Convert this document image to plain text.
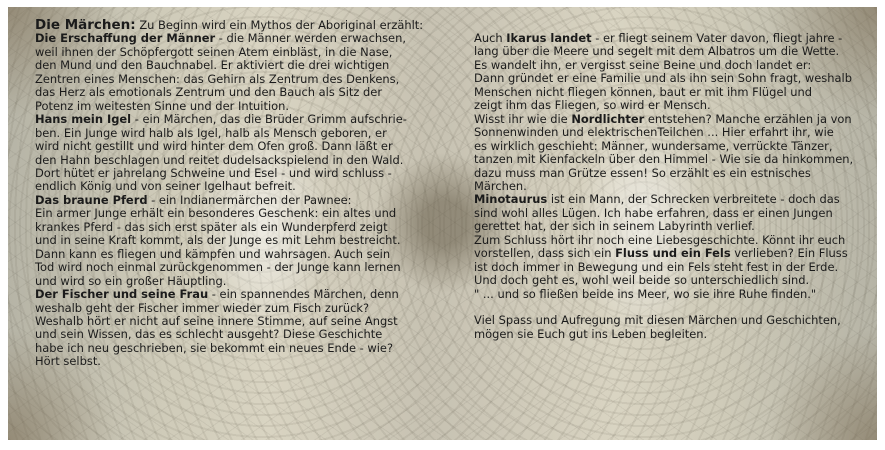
Die Märchen: Zu Beginn wird ein Mythos der Aboriginal erzählt:

Die Erschaffung der Männer - die Männer werden erwachsen,

weil ihnen der Schöpfergott seinen Atem einbläst, in die Nase,

den Mund und den Bauchnabel. Er aktiviert die drei wichtigen

Zentren eines Menschen: das Gehirn als Zentrum des Denkens,

das Herz als emotionals Zentrum und den Bauch als Sitz der

Potenz im weitesten Sinne und der Intuition.

Hans mein Igel - ein Märchen, das die Brüder Grimm aufschrie-

ben. Ein Junge wird halb als Igel, halb als Mensch geboren, er

wird nicht gestillt und wird hinter dem Ofen groß. Dann läßt er

den Hahn beschlagen und reitet dudelsackspielend in den Wald.

Dort hütet er jahrelang Schweine und Esel - und wird schluss -

endlich König und von seiner Igelhaut befreit.

Das braune Pferd - ein Indianermärchen der Pawnee:

Ein armer Junge erhält ein besonderes Geschenk: ein altes und

krankes Pferd - das sich erst später als ein Wunderpferd zeigt

und in seine Kraft kommt, als der Junge es mit Lehm bestreicht.

Dann kann es fliegen und kämpfen und wahrsagen. Auch sein

Tod wird noch einmal zurückgenommen - der Junge kann lernen

und wird so ein großer Häuptling.

Der Fischer und seine Frau - ein spannendes Märchen, denn

weshalb geht der Fischer immer wieder zum Fisch zurück?

Weshalb hört er nicht auf seine innere Stimme, auf seine Angst

und sein Wissen, das es schlecht ausgeht? Diese Geschichte

habe ich neu geschrieben, sie bekommt ein neues Ende - wie?

Hört selbst.

Auch Ikarus landet - er fliegt seinem Vater davon, fliegt jahre -

lang über die Meere und segelt mit dem Albatros um die Wette.

Es wandelt ihn, er vergisst seine Beine und doch landet er:

Dann gründet er eine Familie und als ihn sein Sohn fragt, weshalb

Menschen nicht fliegen können, baut er mit ihm Flügel und

zeigt ihm das Fliegen, so wird er Mensch.

Wisst ihr wie die Nordlichter entstehen? Manche erzählen ja von

Sonnenwinden und elektrischenTeilchen ... Hier erfahrt ihr, wie

es wirklich geschieht: Männer, wundersame, verrückte Tänzer,

tanzen mit Kienfackeln über den Himmel - Wie sie da hinkommen,

dazu muss man Grütze essen! So erzählt es ein estnisches

Märchen.

Minotaurus ist ein Mann, der Schrecken verbreitete - doch das

sind wohl alles Lügen. Ich habe erfahren, dass er einen Jungen

gerettet hat, der sich in seinem Labyrinth verlief.

Zum Schluss hört ihr noch eine Liebesgeschichte. Könnt ihr euch

vorstellen, dass sich ein Fluss und ein Fels verlieben? Ein Fluss

ist doch immer in Bewegung und ein Fels steht fest in der Erde.

Und doch geht es, wohl weil beide so unterschiedlich sind.

" ... und so fließen beide ins Meer, wo sie ihre Ruhe finden."

Viel Spass und Aufregung mit diesen Märchen und Geschichten,

mögen sie Euch gut ins Leben begleiten.
